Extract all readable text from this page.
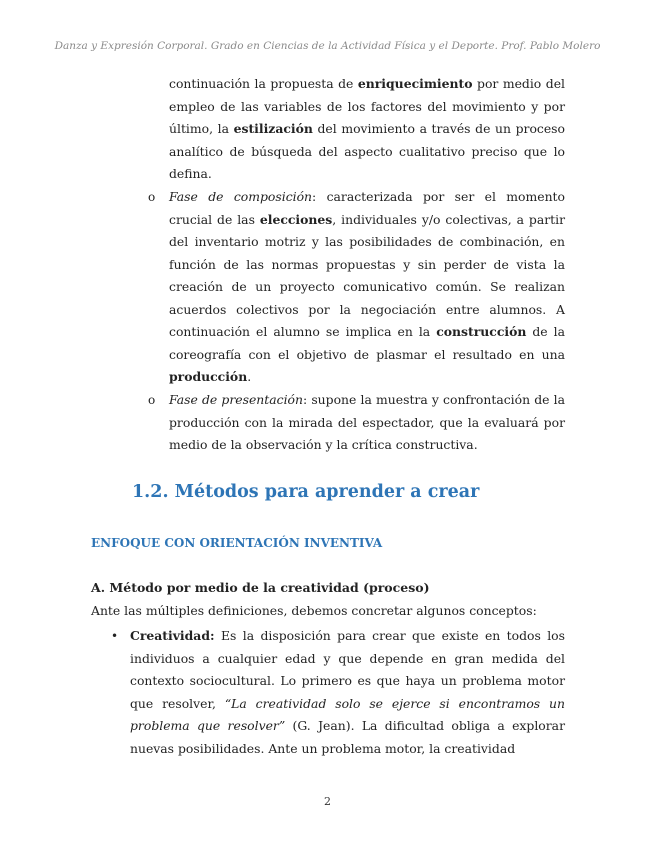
Danza y Expresión Corporal. Grado en Ciencias de la Actividad Física y el Deporte. Prof. Pablo Molero
continuación la propuesta de enriquecimiento por medio del empleo de las variables de los factores del movimiento y por último, la estilización del movimiento a través de un proceso analítico de búsqueda del aspecto cualitativo preciso que lo defina.
o Fase de composición: caracterizada por ser el momento crucial de las elecciones, individuales y/o colectivas, a partir del inventario motriz y las posibilidades de combinación, en función de las normas propuestas y sin perder de vista la creación de un proyecto comunicativo común. Se realizan acuerdos colectivos por la negociación entre alumnos. A continuación el alumno se implica en la construcción de la coreografía con el objetivo de plasmar el resultado en una producción.
o Fase de presentación: supone la muestra y confrontación de la producción con la mirada del espectador, que la evaluará por medio de la observación y la crítica constructiva.
1.2. Métodos para aprender a crear
ENFOQUE CON ORIENTACIÓN INVENTIVA
A. Método por medio de la creatividad (proceso)
Ante las múltiples definiciones, debemos concretar algunos conceptos:
• Creatividad: Es la disposición para crear que existe en todos los individuos a cualquier edad y que depende en gran medida del contexto sociocultural. Lo primero es que haya un problema motor que resolver, “La creatividad solo se ejerce si encontramos un problema que resolver” (G. Jean). La dificultad obliga a explorar nuevas posibilidades. Ante un problema motor, la creatividad
2
